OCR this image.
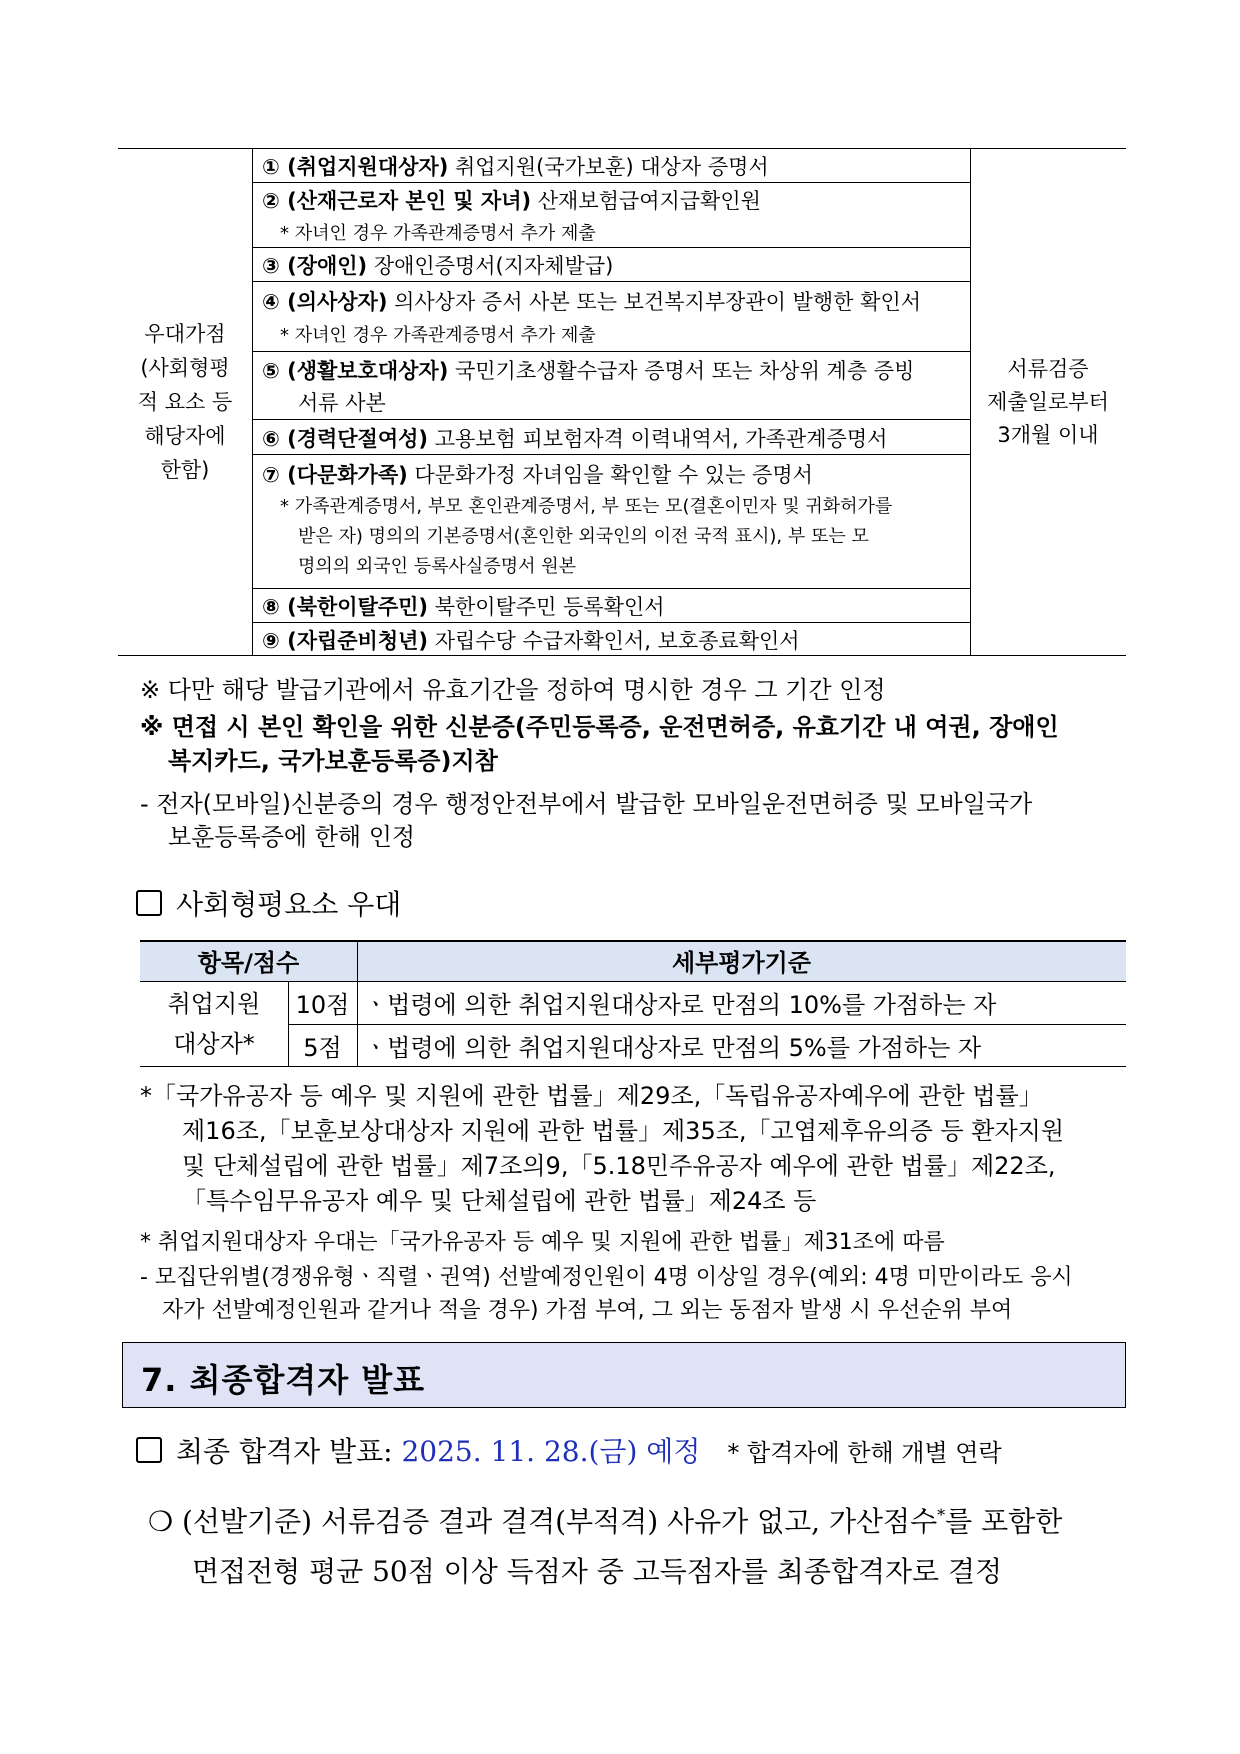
우대가점
(사회형평
적 요소 등
해당자에
한함)
서류검증
제출일로부터
3개월 이내
① (취업지원대상자) 취업지원(국가보훈) 대상자 증명서
② (산재근로자 본인 및 자녀) 산재보험급여지급확인원
* 자녀인 경우 가족관계증명서 추가 제출
③ (장애인) 장애인증명서(지자체발급)
④ (의사상자) 의사상자 증서 사본 또는 보건복지부장관이 발행한 확인서
* 자녀인 경우 가족관계증명서 추가 제출
⑤ (생활보호대상자) 국민기초생활수급자 증명서 또는 차상위 계층 증빙
서류 사본
⑥ (경력단절여성) 고용보험 피보험자격 이력내역서, 가족관계증명서
⑦ (다문화가족) 다문화가정 자녀임을 확인할 수 있는 증명서
* 가족관계증명서, 부모 혼인관계증명서, 부 또는 모(결혼이민자 및 귀화허가를
받은 자) 명의의 기본증명서(혼인한 외국인의 이전 국적 표시), 부 또는 모
명의의 외국인 등록사실증명서 원본
⑧ (북한이탈주민) 북한이탈주민 등록확인서
⑨ (자립준비청년) 자립수당 수급자확인서, 보호종료확인서
※ 다만 해당 발급기관에서 유효기간을 정하여 명시한 경우 그 기간 인정
※ 면접 시 본인 확인을 위한 신분증(주민등록증, 운전면허증, 유효기간 내 여권, 장애인
복지카드, 국가보훈등록증)지참
- 전자(모바일)신분증의 경우 행정안전부에서 발급한 모바일운전면허증 및 모바일국가
보훈등록증에 한해 인정
사회형평요소 우대
항목/점수	세부평가기준
취업지원
대상자*
10점 ㆍ법령에 의한 취업지원대상자로 만점의 10%를 가점하는 자
5점 ㆍ법령에 의한 취업지원대상자로 만점의 5%를 가점하는 자
*「국가유공자 등 예우 및 지원에 관한 법률」제29조,「독립유공자예우에 관한 법률」
제16조,「보훈보상대상자 지원에 관한 법률」제35조,「고엽제후유의증 등 환자지원
및 단체설립에 관한 법률」제7조의9,「5.18민주유공자 예우에 관한 법률」제22조,
「특수임무유공자 예우 및 단체설립에 관한 법률」제24조 등
* 취업지원대상자 우대는「국가유공자 등 예우 및 지원에 관한 법률」제31조에 따름
- 모집단위별(경쟁유형ㆍ직렬ㆍ권역) 선발예정인원이 4명 이상일 경우(예외: 4명 미만이라도 응시
자가 선발예정인원과 같거나 적을 경우) 가점 부여, 그 외는 동점자 발생 시 우선순위 부여
7. 최종합격자 발표
최종 합격자 발표: 2025. 11. 28.(금) 예정 * 합격자에 한해 개별 연락
❍ (선발기준) 서류검증 결과 결격(부적격) 사유가 없고, 가산점수*를 포함한
면접전형 평균 50점 이상 득점자 중 고득점자를 최종합격자로 결정
